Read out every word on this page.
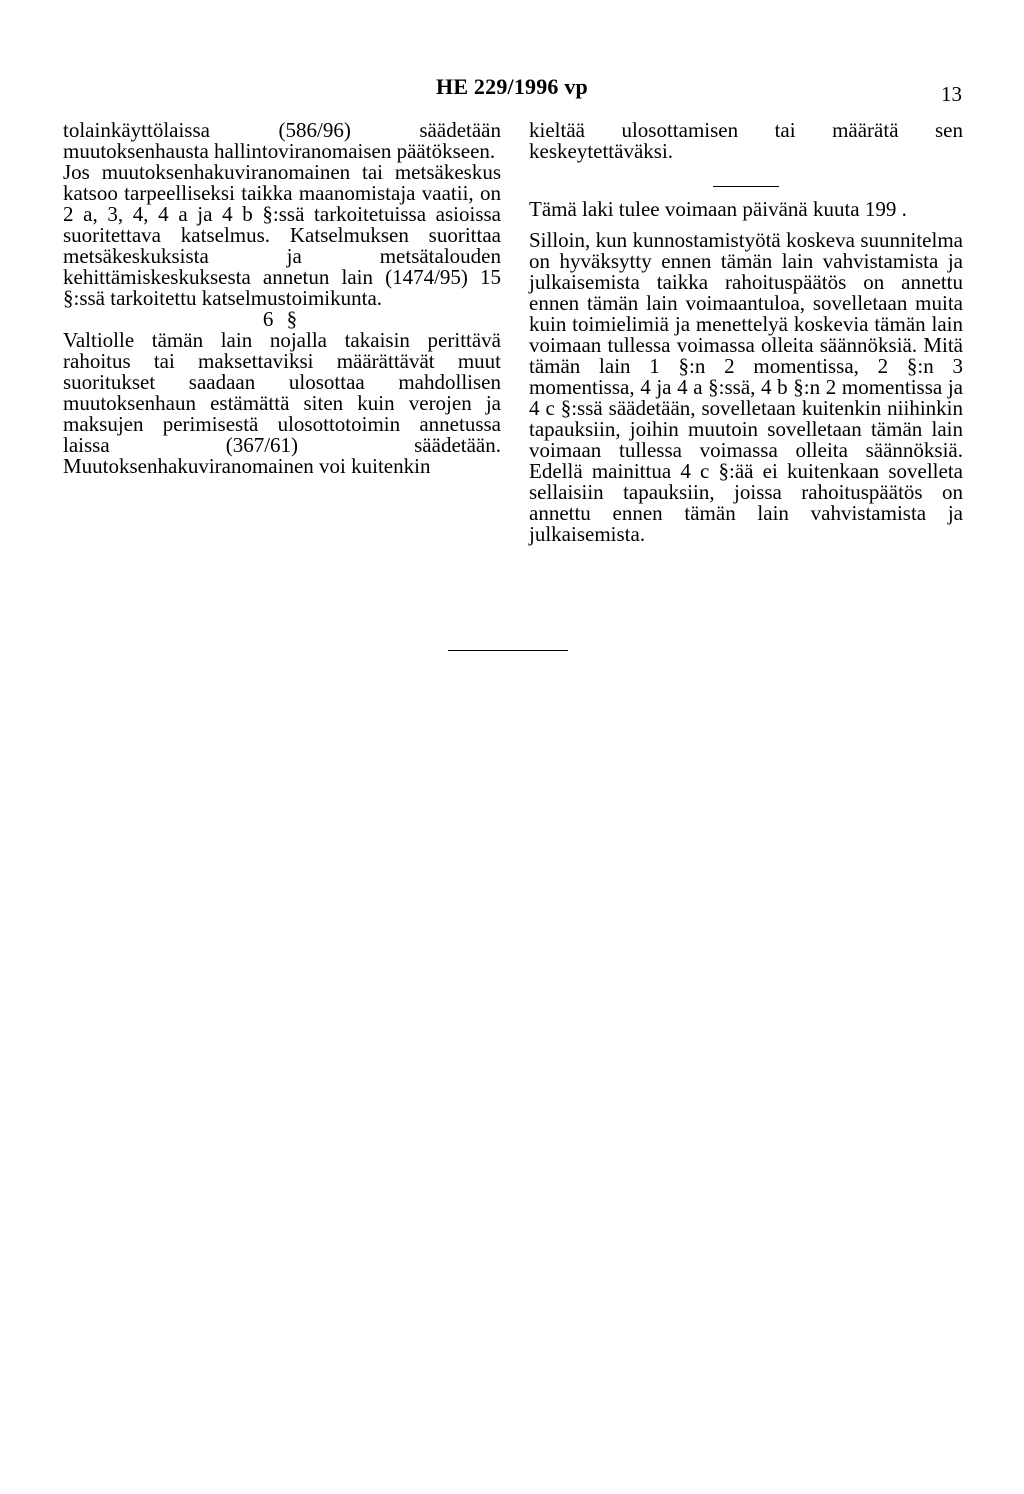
HE 229/1996 vp	13

tolainkäyttölaissa (586/96) säädetään muutoksenhausta hallintoviranomaisen päätökseen.

Jos muutoksenhakuviranomainen tai metsäkeskus katsoo tarpeelliseksi taikka maanomistaja vaatii, on 2 a, 3, 4, 4 a ja 4 b §:ssä tarkoitetuissa asioissa suoritettava katselmus. Katselmuksen suorittaa metsäkeskuksista ja metsätalouden kehittämiskeskuksesta annetun lain (1474/95) 15 §:ssä tarkoitettu katselmustoimikunta.

6 §

Valtiolle tämän lain nojalla takaisin perittävä rahoitus tai maksettaviksi määrättävät muut suoritukset saadaan ulosottaa mahdollisen muutoksenhaun estämättä siten kuin verojen ja maksujen perimisestä ulosottotoimin annetussa laissa (367/61) säädetään. Muutoksenhakuviranomainen voi kuitenkin

kieltää ulosottamisen tai määrätä sen keskeytettäväksi.

Tämä laki tulee voimaan päivänä kuuta 199 .

Silloin, kun kunnostamistyötä koskeva suunnitelma on hyväksytty ennen tämän lain vahvistamista ja julkaisemista taikka rahoituspäätös on annettu ennen tämän lain voimaantuloa, sovelletaan muita kuin toimielimiä ja menettelyä koskevia tämän lain voimaan tullessa voimassa olleita säännöksiä. Mitä tämän lain 1 §:n 2 momentissa, 2 §:n 3 momentissa, 4 ja 4 a §:ssä, 4 b §:n 2 momentissa ja 4 c §:ssä säädetään, sovelletaan kuitenkin niihinkin tapauksiin, joihin muutoin sovelletaan tämän lain voimaan tullessa voimassa olleita säännöksiä. Edellä mainittua 4 c §:ää ei kuitenkaan sovelleta sellaisiin tapauksiin, joissa rahoituspäätös on annettu ennen tämän lain vahvistamista ja julkaisemista.
